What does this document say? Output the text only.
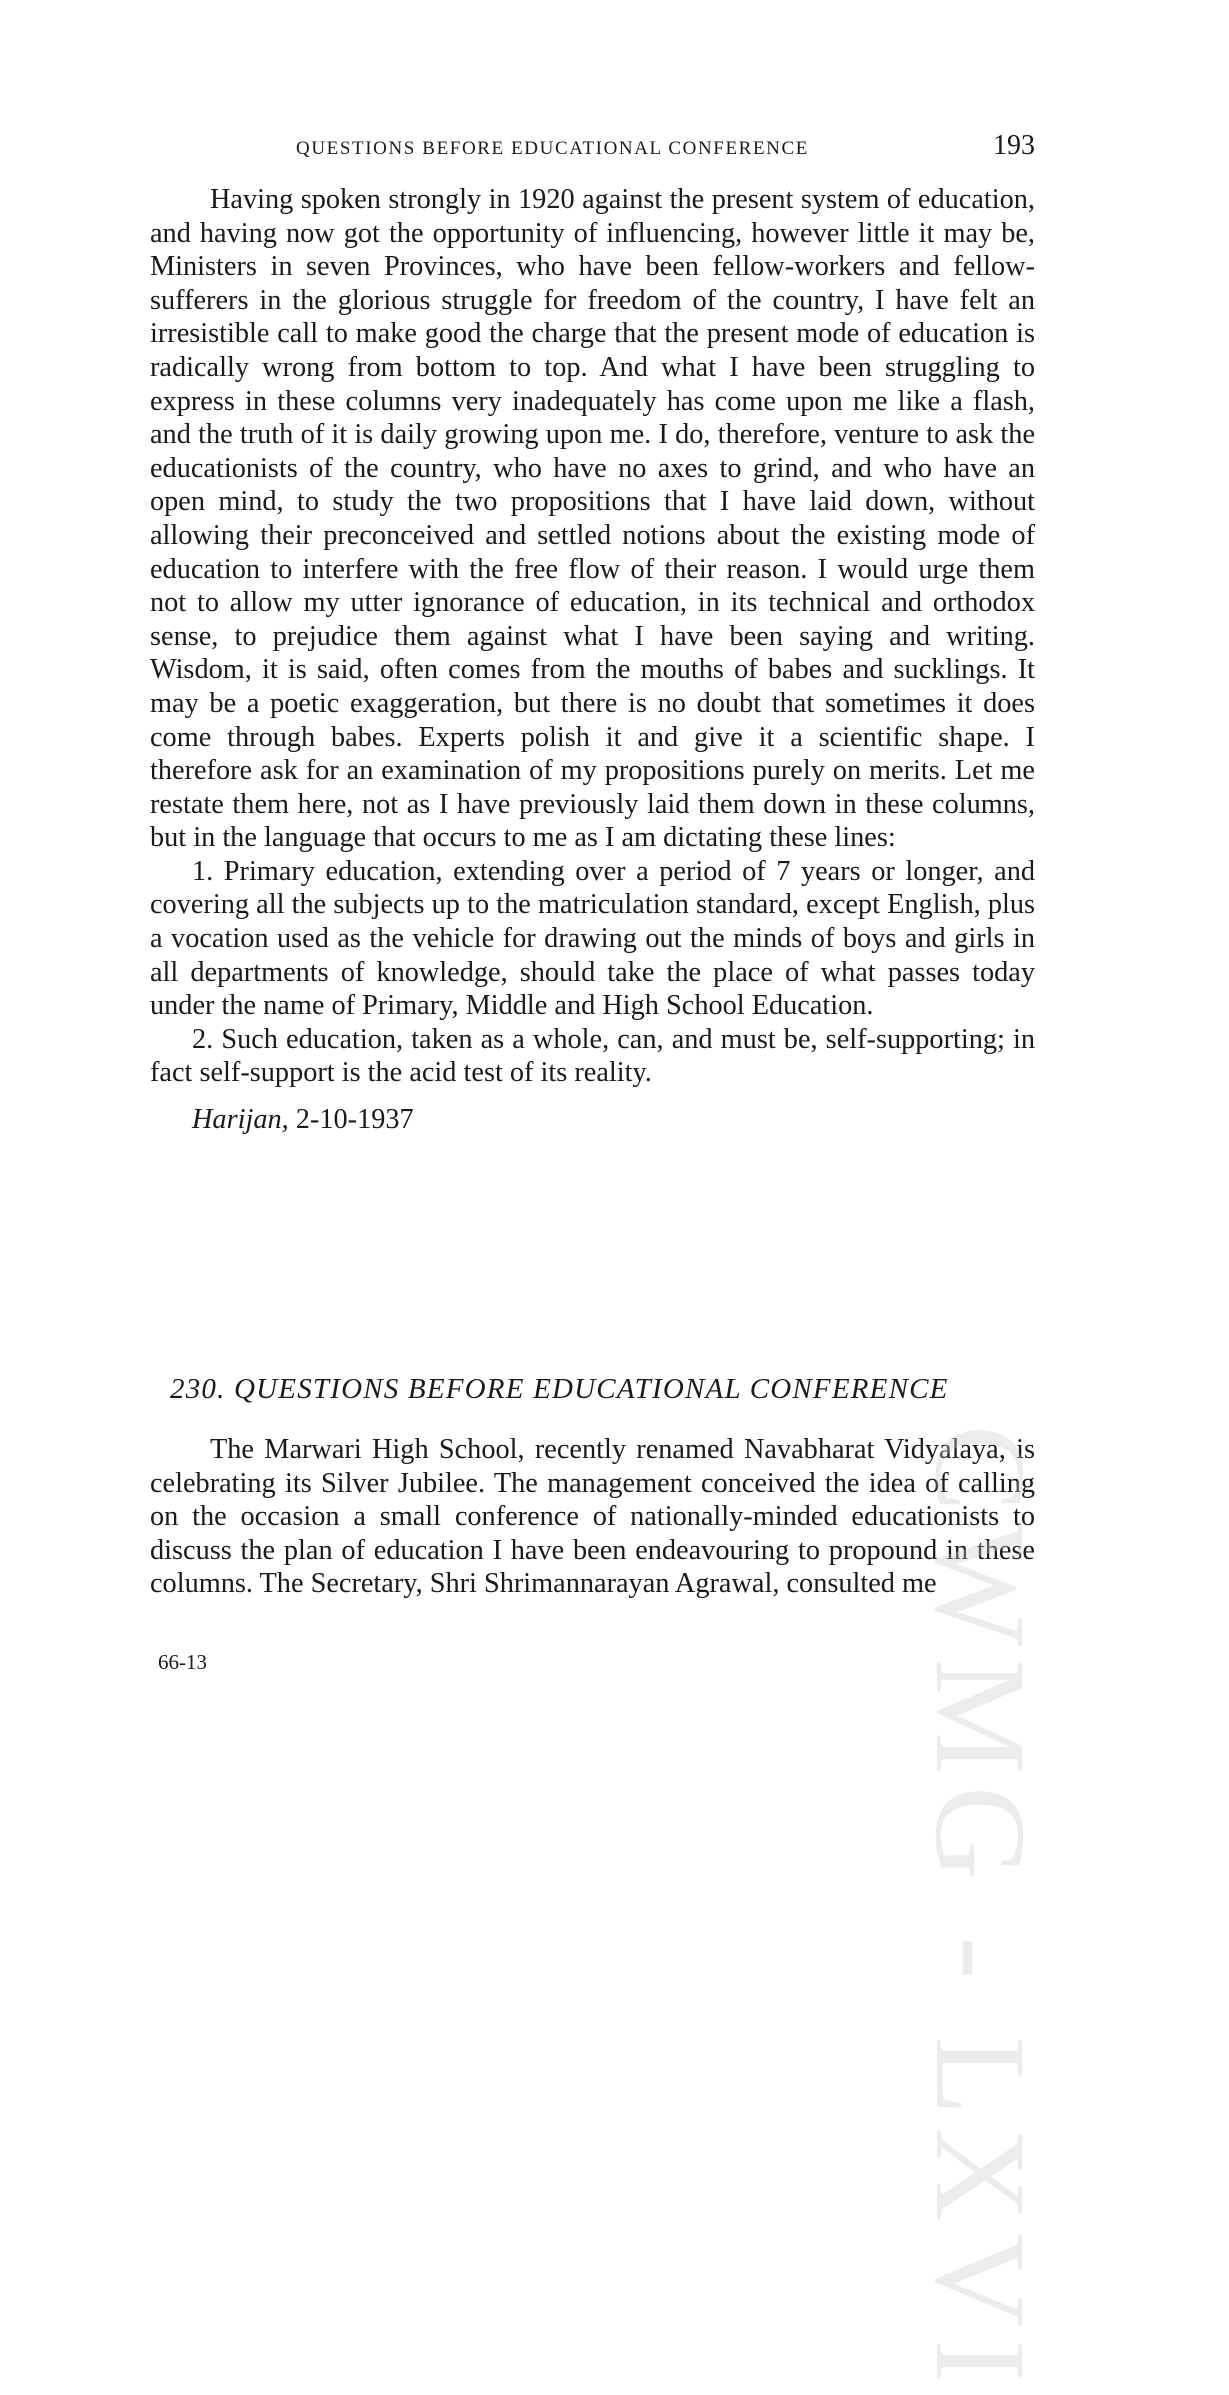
QUESTIONS BEFORE EDUCATIONAL CONFERENCE	193

Having spoken strongly in 1920 against the present system of education, and having now got the opportunity of influencing, however little it may be, Ministers in seven Provinces, who have been fellow-workers and fellow-sufferers in the glorious struggle for freedom of the country, I have felt an irresistible call to make good the charge that the present mode of education is radically wrong from bottom to top. And what I have been struggling to express in these columns very inadequately has come upon me like a flash, and the truth of it is daily growing upon me. I do, therefore, venture to ask the educationists of the country, who have no axes to grind, and who have an open mind, to study the two propositions that I have laid down, without allowing their preconceived and settled notions about the existing mode of education to interfere with the free flow of their reason. I would urge them not to allow my utter ignorance of education, in its technical and orthodox sense, to prejudice them against what I have been saying and writing. Wisdom, it is said, often comes from the mouths of babes and sucklings. It may be a poetic exaggeration, but there is no doubt that sometimes it does come through babes. Experts polish it and give it a scientific shape. I therefore ask for an examination of my propositions purely on merits. Let me restate them here, not as I have previously laid them down in these columns, but in the language that occurs to me as I am dictating these lines:

1. Primary education, extending over a period of 7 years or longer, and covering all the subjects up to the matriculation standard, except English, plus a vocation used as the vehicle for drawing out the minds of boys and girls in all departments of knowledge, should take the place of what passes today under the name of Primary, Middle and High School Education.

2. Such education, taken as a whole, can, and must be, self-supporting; in fact self-support is the acid test of its reality.

Harijan, 2-10-1937

230. QUESTIONS BEFORE EDUCATIONAL CONFERENCE

The Marwari High School, recently renamed Navabharat Vidyalaya, is celebrating its Silver Jubilee. The management conceived the idea of calling on the occasion a small conference of nationally-minded educationists to discuss the plan of education I have been endeavouring to propound in these columns. The Secretary, Shri Shrimannarayan Agrawal, consulted me

66-13	CWMG - LXVI
